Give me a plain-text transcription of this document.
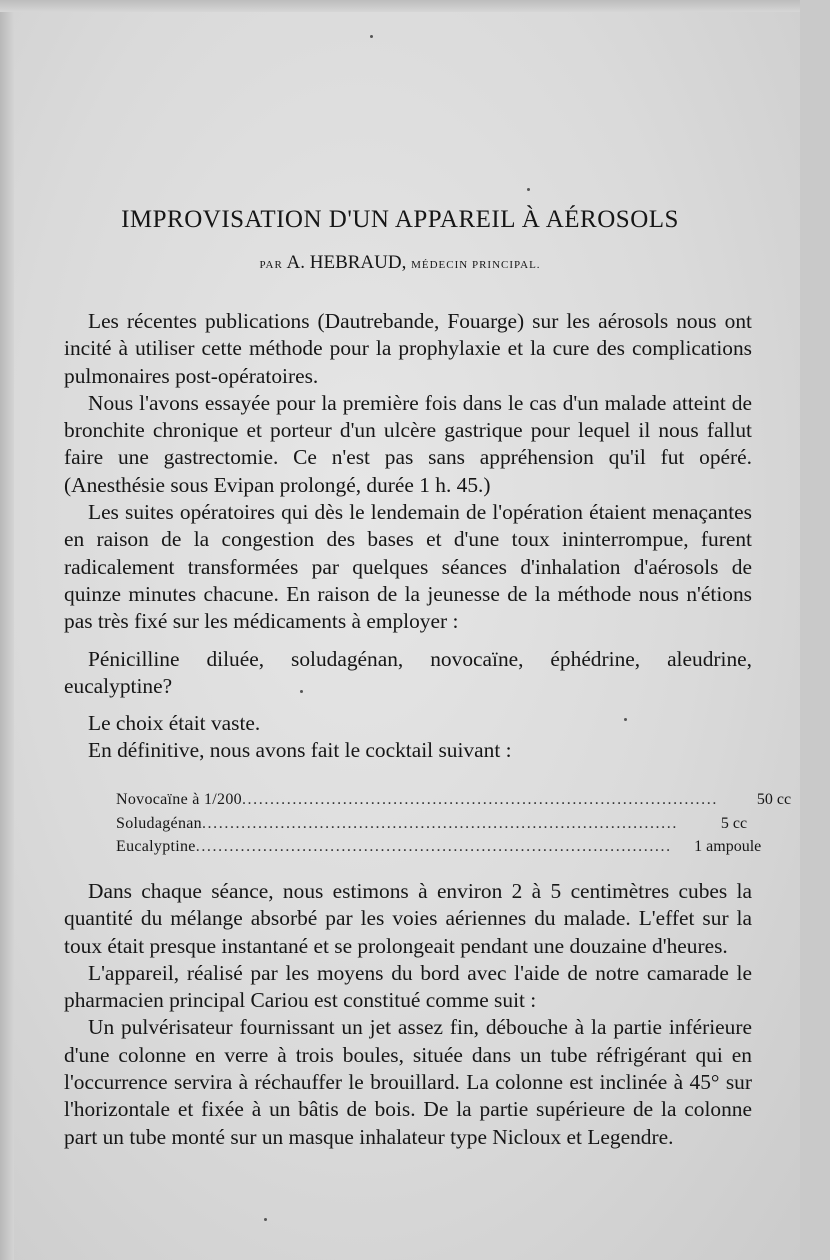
IMPROVISATION D'UN APPAREIL À AÉROSOLS

PAR A. HEBRAUD, MÉDECIN PRINCIPAL.

Les récentes publications (Dautrebande, Fouarge) sur les aérosols nous ont incité à utiliser cette méthode pour la prophylaxie et la cure des complications pulmonaires post-opératoires.

Nous l'avons essayée pour la première fois dans le cas d'un malade atteint de bronchite chronique et porteur d'un ulcère gastrique pour lequel il nous fallut faire une gastrectomie. Ce n'est pas sans appréhension qu'il fut opéré. (Anesthésie sous Evipan prolongé, durée 1 h. 45.)

Les suites opératoires qui dès le lendemain de l'opération étaient menaçantes en raison de la congestion des bases et d'une toux ininterrompue, furent radicalement transformées par quelques séances d'inhalation d'aérosols de quinze minutes chacune. En raison de la jeunesse de la méthode nous n'étions pas très fixé sur les médicaments à employer :

Pénicilline diluée, soludagénan, novocaïne, éphédrine, aleudrine, eucalyptine?

Le choix était vaste.

En définitive, nous avons fait le cocktail suivant :

Novocaïne à 1/200 .....................................................................................	50 cc
Soludagénan .....................................................................................	5 cc
Eucalyptine .....................................................................................	1 ampoule

Dans chaque séance, nous estimons à environ 2 à 5 centimètres cubes la quantité du mélange absorbé par les voies aériennes du malade. L'effet sur la toux était presque instantané et se prolongeait pendant une douzaine d'heures.

L'appareil, réalisé par les moyens du bord avec l'aide de notre camarade le pharmacien principal Cariou est constitué comme suit :

Un pulvérisateur fournissant un jet assez fin, débouche à la partie inférieure d'une colonne en verre à trois boules, située dans un tube réfrigérant qui en l'occurrence servira à réchauffer le brouillard. La colonne est inclinée à 45° sur l'horizontale et fixée à un bâtis de bois. De la partie supérieure de la colonne part un tube monté sur un masque inhalateur type Nicloux et Legendre.
